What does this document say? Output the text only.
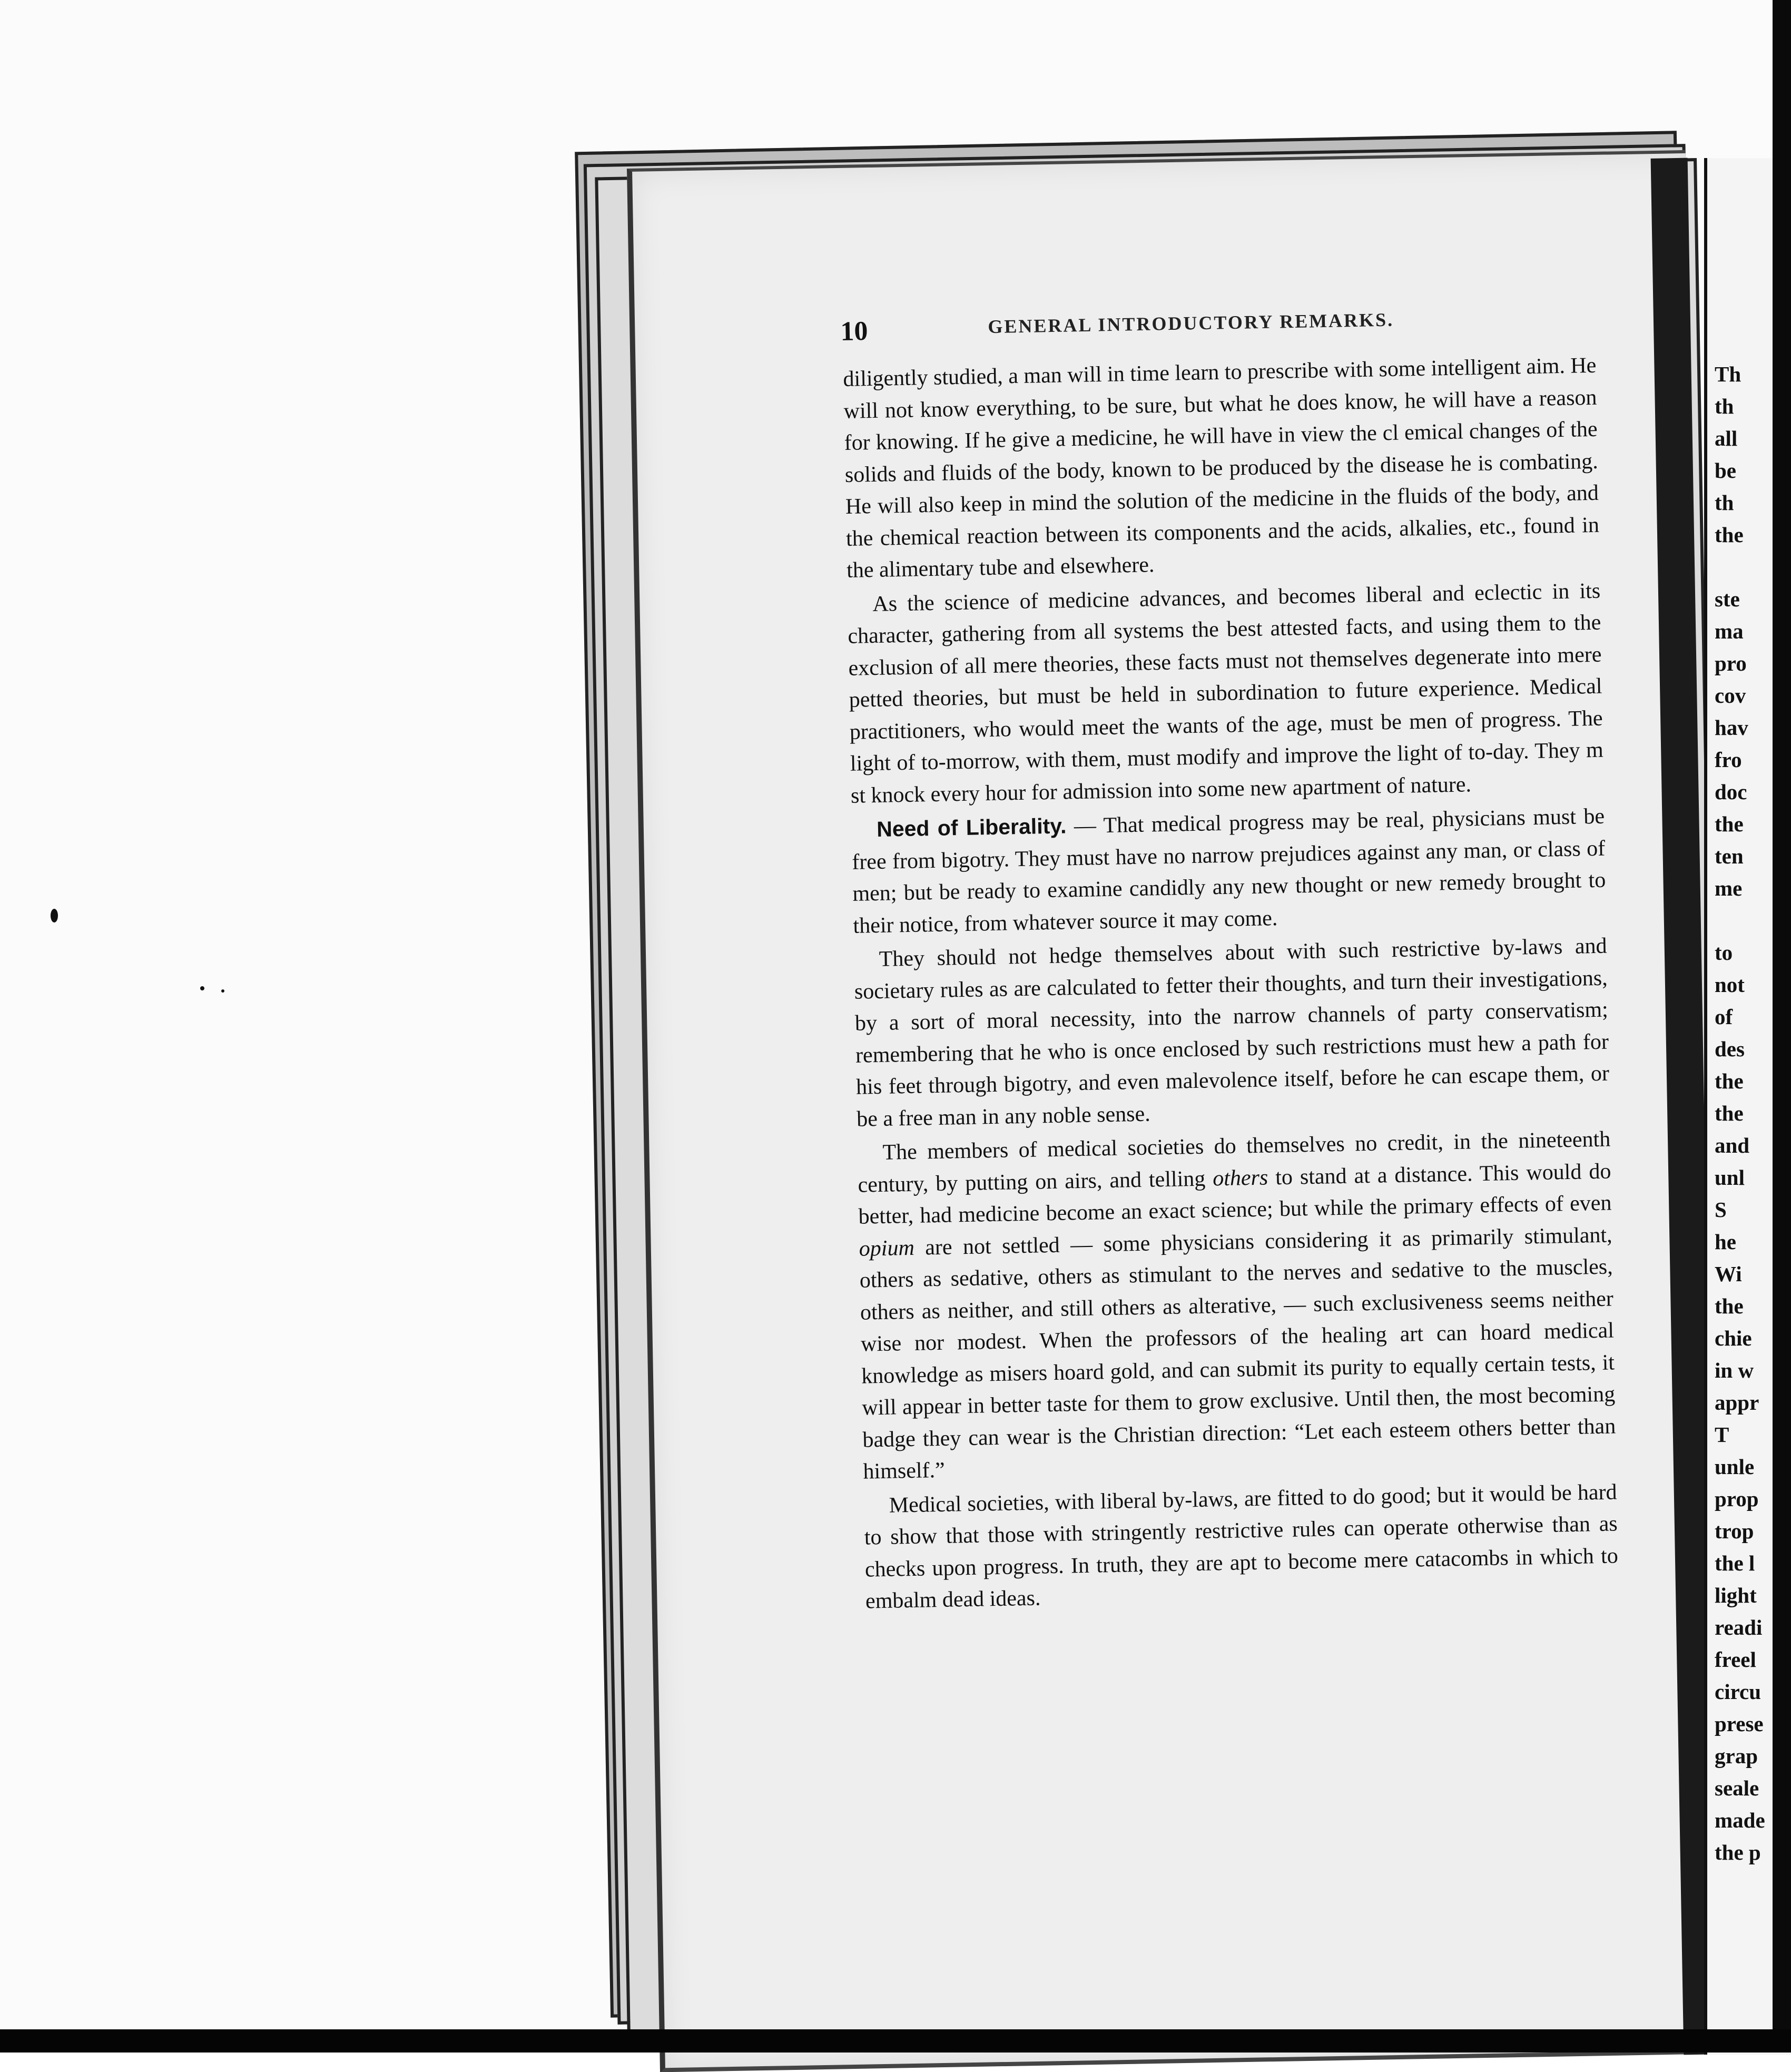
Th
th
all
be
th
the

ste
ma
pro
cov
hav
fro
doc
the
ten
me

to
not
of
des
the
the
and
unl
S
he
Wi
the
chie
in w
appr
T
unle
prop
trop
the l
light
readi
freel
circu
prese
grap
seale
made
the p
10	GENERAL INTRODUCTORY REMARKS.

diligently studied, a man will in time learn to prescribe with some intelligent aim. He will not know everything, to be sure, but what he does know, he will have a reason for knowing. If he give a medicine, he will have in view the cl emical changes of the solids and fluids of the body, known to be produced by the disease he is combating. He will also keep in mind the solution of the medicine in the fluids of the body, and the chemical reaction between its components and the acids, alkalies, etc., found in the alimentary tube and elsewhere.

As the science of medicine advances, and becomes liberal and eclectic in its character, gathering from all systems the best attested facts, and using them to the exclusion of all mere theories, these facts must not themselves degenerate into mere petted theories, but must be held in subordination to future experience. Medical practitioners, who would meet the wants of the age, must be men of progress. The light of to-morrow, with them, must modify and improve the light of to-day. They m st knock every hour for admission into some new apartment of nature.

Need of Liberality. — That medical progress may be real, physicians must be free from bigotry. They must have no narrow prejudices against any man, or class of men; but be ready to examine candidly any new thought or new remedy brought to their notice, from whatever source it may come.

They should not hedge themselves about with such restrictive by-laws and societary rules as are calculated to fetter their thoughts, and turn their investigations, by a sort of moral necessity, into the narrow channels of party conservatism; remembering that he who is once enclosed by such restrictions must hew a path for his feet through bigotry, and even malevolence itself, before he can escape them, or be a free man in any noble sense.

The members of medical societies do themselves no credit, in the nineteenth century, by putting on airs, and telling others to stand at a distance. This would do better, had medicine become an exact science; but while the primary effects of even opium are not settled — some physicians considering it as primarily stimulant, others as sedative, others as stimulant to the nerves and sedative to the muscles, others as neither, and still others as alterative, — such exclusiveness seems neither wise nor modest. When the professors of the healing art can hoard medical knowledge as misers hoard gold, and can submit its purity to equally certain tests, it will appear in better taste for them to grow exclusive. Until then, the most becoming badge they can wear is the Christian direction: “Let each esteem others better than himself.”

Medical societies, with liberal by-laws, are fitted to do good; but it would be hard to show that those with stringently restrictive rules can operate otherwise than as checks upon progress. In truth, they are apt to become mere catacombs in which to embalm dead ideas.
